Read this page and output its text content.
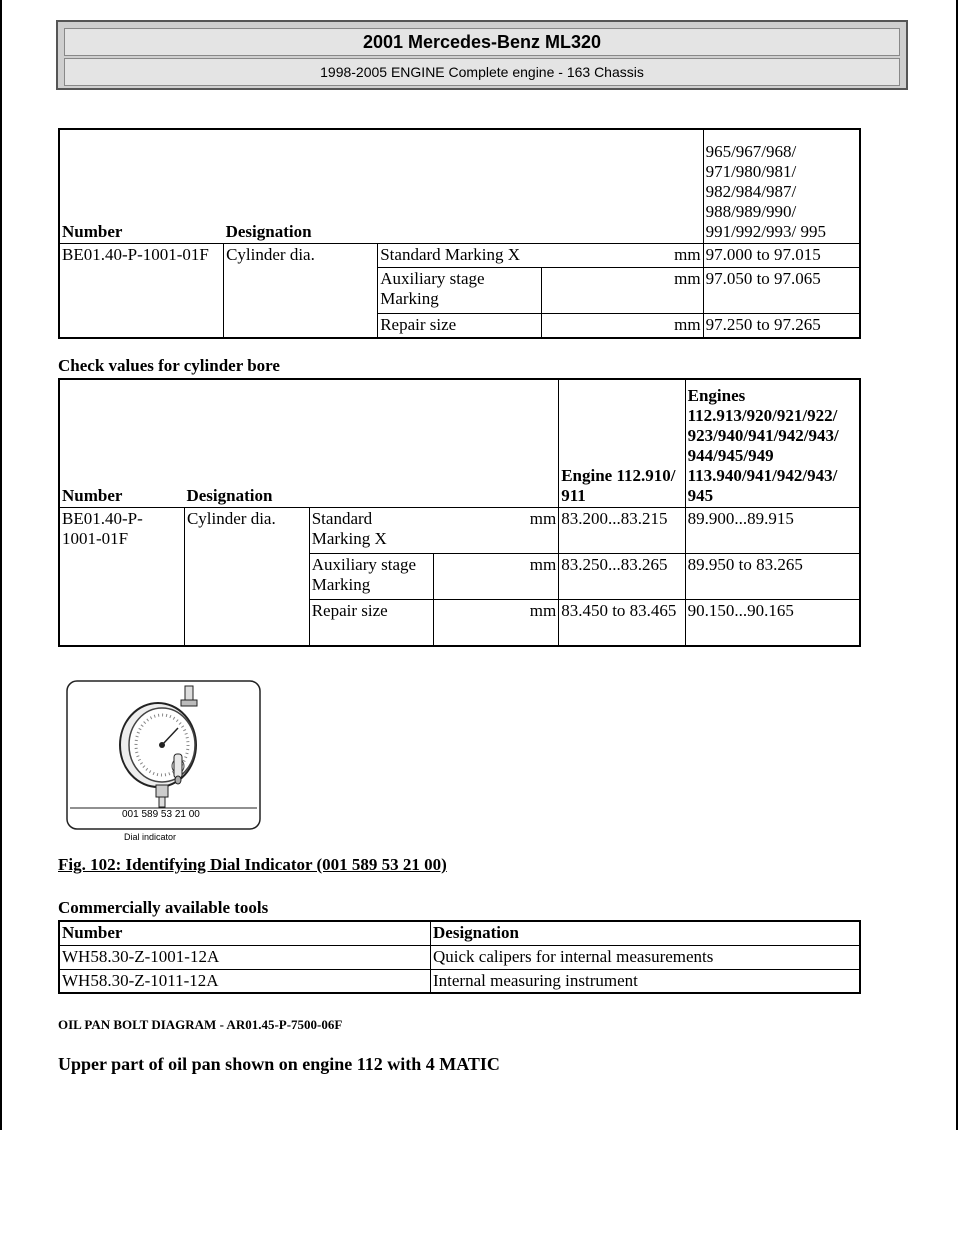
2001 Mercedes-Benz ML320
1998-2005 ENGINE Complete engine - 163 Chassis
Number	Designation			965/967/968/
971/980/981/
982/984/987/
988/989/990/
991/992/993/ 995

BE01.40-P-1001-01F	Cylinder dia.	Standard Marking X	mm	97.000 to 97.015
		Auxiliary stage Marking	mm	97.050 to 97.065
		Repair size	mm	97.250 to 97.265
Check values for cylinder bore
Number	Designation			Engine 112.910/ 911	Engines 112.913/920/921/922/ 923/940/941/942/943/ 944/945/949 113.940/941/942/943/ 945
BE01.40-P-1001-01F	Cylinder dia.	Standard Marking X	mm	83.200...83.215	89.900...89.915
		Auxiliary stage Marking	mm	83.250...83.265	89.950 to 83.265
		Repair size	mm	83.450 to 83.465	90.150...90.165
001 589 53 21 00
Dial indicator
Fig. 102: Identifying Dial Indicator (001 589 53 21 00)
Commercially available tools
Number	Designation
WH58.30-Z-1001-12A	Quick calipers for internal measurements
WH58.30-Z-1011-12A	Internal measuring instrument
OIL PAN BOLT DIAGRAM - AR01.45-P-7500-06F
Upper part of oil pan shown on engine 112 with 4 MATIC
